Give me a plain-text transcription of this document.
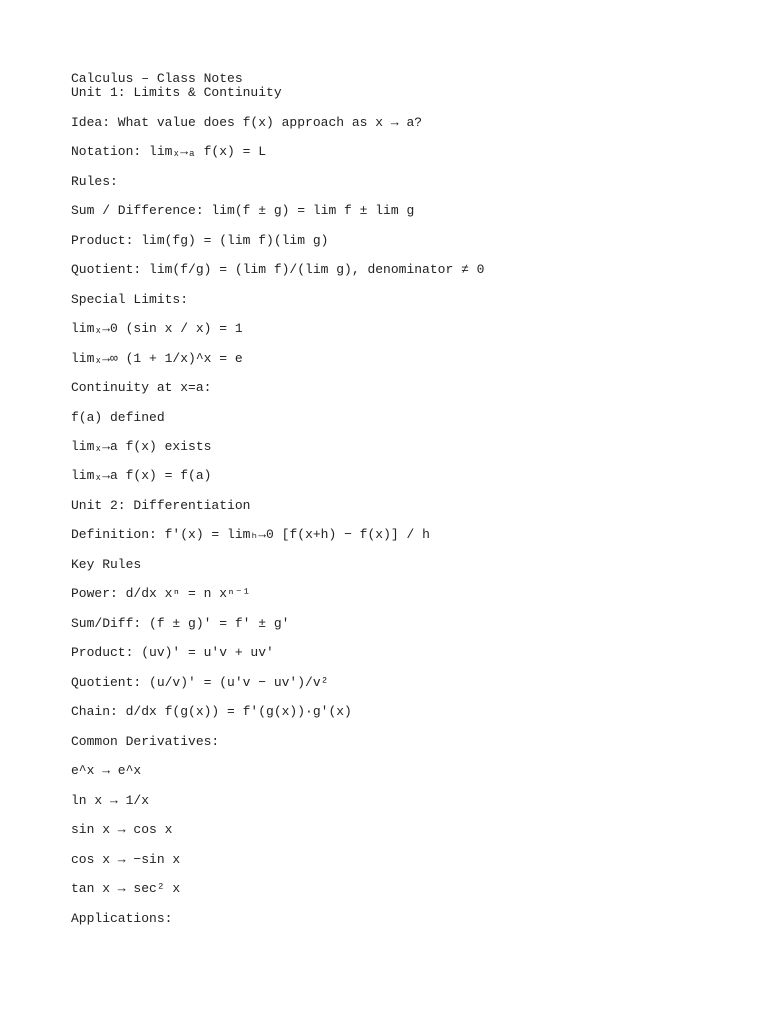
Calculus – Class Notes

Unit 1: Limits & Continuity

Idea: What value does f(x) approach as x → a?

Notation: limₓ→ₐ f(x) = L

Rules:

Sum / Difference: lim(f ± g) = lim f ± lim g

Product: lim(fg) = (lim f)(lim g)

Quotient: lim(f/g) = (lim f)/(lim g), denominator ≠ 0

Special Limits:

limₓ→0 (sin x / x) = 1

limₓ→∞ (1 + 1/x)^x = e

Continuity at x=a:

f(a) defined

limₓ→a f(x) exists

limₓ→a f(x) = f(a)

Unit 2: Differentiation

Definition: f'(x) = limₕ→0 [f(x+h) − f(x)] / h

Key Rules

Power: d/dx xⁿ = n xⁿ⁻¹

Sum/Diff: (f ± g)' = f' ± g'

Product: (uv)' = u'v + uv'

Quotient: (u/v)' = (u'v − uv')/v²

Chain: d/dx f(g(x)) = f'(g(x))·g'(x)

Common Derivatives:

e^x → e^x

ln x → 1/x

sin x → cos x

cos x → −sin x

tan x → sec² x

Applications:
